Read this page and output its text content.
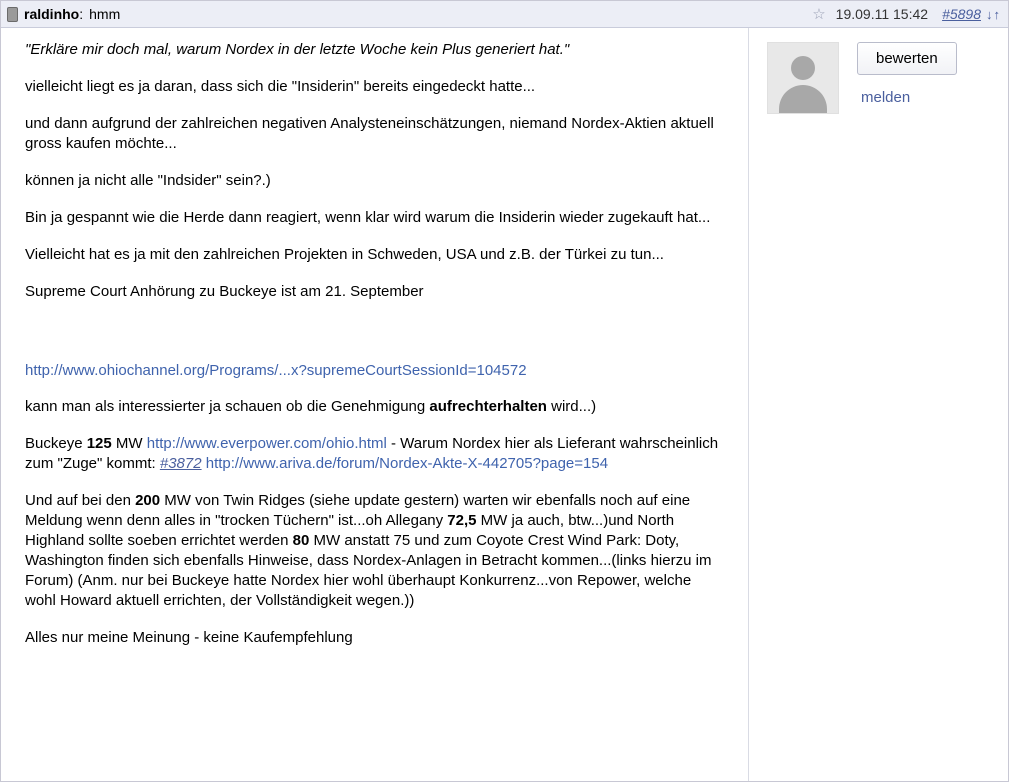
raldinho : hmm	☆ 19.09.11 15:42 #5898 ↓ ↑

"Erkläre mir doch mal, warum Nordex in der letzte Woche kein Plus generiert hat."

vielleicht liegt es ja daran, dass sich die "Insiderin" bereits eingedeckt hatte...

und dann aufgrund der zahlreichen negativen Analysteneinschätzungen, niemand Nordex-Aktien aktuell gross kaufen möchte...

können ja nicht alle "Indsider" sein?.)

Bin ja gespannt wie die Herde dann reagiert, wenn klar wird warum die Insiderin wieder zugekauft hat...

Vielleicht hat es ja mit den zahlreichen Projekten in Schweden, USA und z.B. der Türkei zu tun...

Supreme Court Anhörung zu Buckeye ist am 21. September

http://www.ohiochannel.org/Programs/...x?supremeCourtSessionId=104572

kann man als interessierter ja schauen ob die Genehmigung aufrechterhalten wird...)

Buckeye 125 MW http://www.everpower.com/ohio.html - Warum Nordex hier als Lieferant wahrscheinlich zum "Zuge" kommt: #3872 http://www.ariva.de/forum/Nordex-Akte-X-442705?page=154

Und auf bei den 200 MW von Twin Ridges (siehe update gestern) warten wir ebenfalls noch auf eine Meldung wenn denn alles in "trocken Tüchern" ist...oh Allegany 72,5 MW ja auch, btw...)und North Highland sollte soeben errichtet werden 80 MW anstatt 75 und zum Coyote Crest Wind Park: Doty, Washington finden sich ebenfalls Hinweise, dass Nordex-Anlagen in Betracht kommen...(links hierzu im Forum) (Anm. nur bei Buckeye hatte Nordex hier wohl überhaupt Konkurrenz...von Repower, welche wohl Howard aktuell errichten, der Vollständigkeit wegen.))

Alles nur meine Meinung - keine Kaufempfehlung

bewerten
melden
